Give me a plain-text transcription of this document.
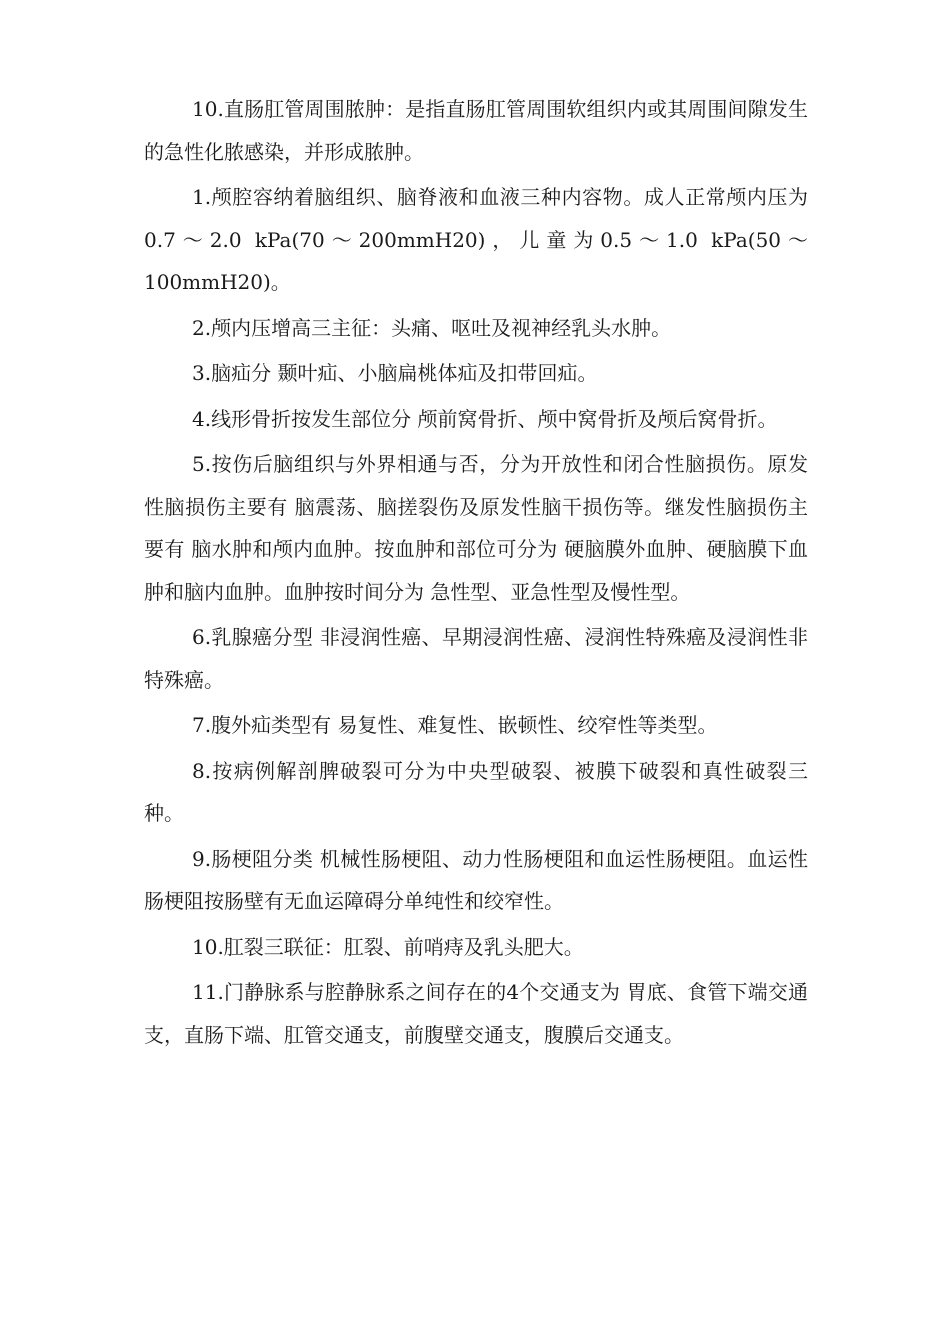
10.直肠肛管周围脓肿：是指直肠肛管周围软组织内或其周围间隙发生的急性化脓感染，并形成脓肿。

1.颅腔容纳着脑组织、脑脊液和血液三种内容物。成人正常颅内压为0.7～2.0 kPa(70～200mmH20)，儿童为0.5～1.0 kPa(50～100mmH20)。

2.颅内压增高三主征：头痛、呕吐及视神经乳头水肿。

3.脑疝分 颞叶疝、小脑扁桃体疝及扣带回疝。

4.线形骨折按发生部位分 颅前窝骨折、颅中窝骨折及颅后窝骨折。

5.按伤后脑组织与外界相通与否，分为开放性和闭合性脑损伤。原发性脑损伤主要有 脑震荡、脑搓裂伤及原发性脑干损伤等。继发性脑损伤主要有 脑水肿和颅内血肿。按血肿和部位可分为 硬脑膜外血肿、硬脑膜下血肿和脑内血肿。血肿按时间分为 急性型、亚急性型及慢性型。

6.乳腺癌分型 非浸润性癌、早期浸润性癌、浸润性特殊癌及浸润性非特殊癌。

7.腹外疝类型有 易复性、难复性、嵌顿性、绞窄性等类型。

8.按病例解剖脾破裂可分为中央型破裂、被膜下破裂和真性破裂三种。

9.肠梗阻分类 机械性肠梗阻、动力性肠梗阻和血运性肠梗阻。血运性肠梗阻按肠壁有无血运障碍分单纯性和绞窄性。

10.肛裂三联征：肛裂、前哨痔及乳头肥大。

11.门静脉系与腔静脉系之间存在的4个交通支为 胃底、食管下端交通支，直肠下端、肛管交通支，前腹壁交通支，腹膜后交通支。
